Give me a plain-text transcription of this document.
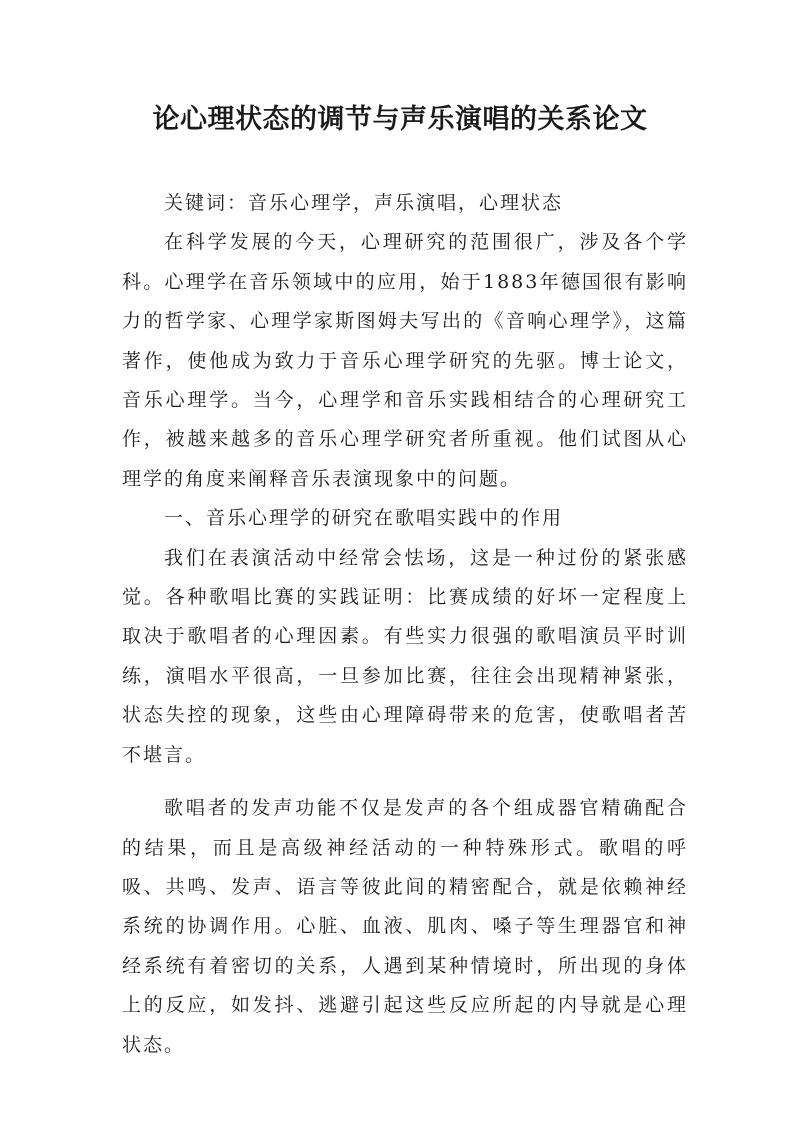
论心理状态的调节与声乐演唱的关系论文

关键词：音乐心理学，声乐演唱，心理状态

在科学发展的今天，心理研究的范围很广，涉及各个学科。心理学在音乐领域中的应用，始于1883年德国很有影响力的哲学家、心理学家斯图姆夫写出的《音响心理学》，这篇著作，使他成为致力于音乐心理学研究的先驱。博士论文，音乐心理学。当今，心理学和音乐实践相结合的心理研究工作，被越来越多的音乐心理学研究者所重视。他们试图从心理学的角度来阐释音乐表演现象中的问题。

一、音乐心理学的研究在歌唱实践中的作用

我们在表演活动中经常会怯场，这是一种过份的紧张感觉。各种歌唱比赛的实践证明：比赛成绩的好坏一定程度上取决于歌唱者的心理因素。有些实力很强的歌唱演员平时训练，演唱水平很高，一旦参加比赛，往往会出现精神紧张，状态失控的现象，这些由心理障碍带来的危害，使歌唱者苦不堪言。

歌唱者的发声功能不仅是发声的各个组成器官精确配合的结果，而且是高级神经活动的一种特殊形式。歌唱的呼吸、共鸣、发声、语言等彼此间的精密配合，就是依赖神经系统的协调作用。心脏、血液、肌肉、嗓子等生理器官和神经系统有着密切的关系，人遇到某种情境时，所出现的身体上的反应，如发抖、逃避引起这些反应所起的内导就是心理状态。
